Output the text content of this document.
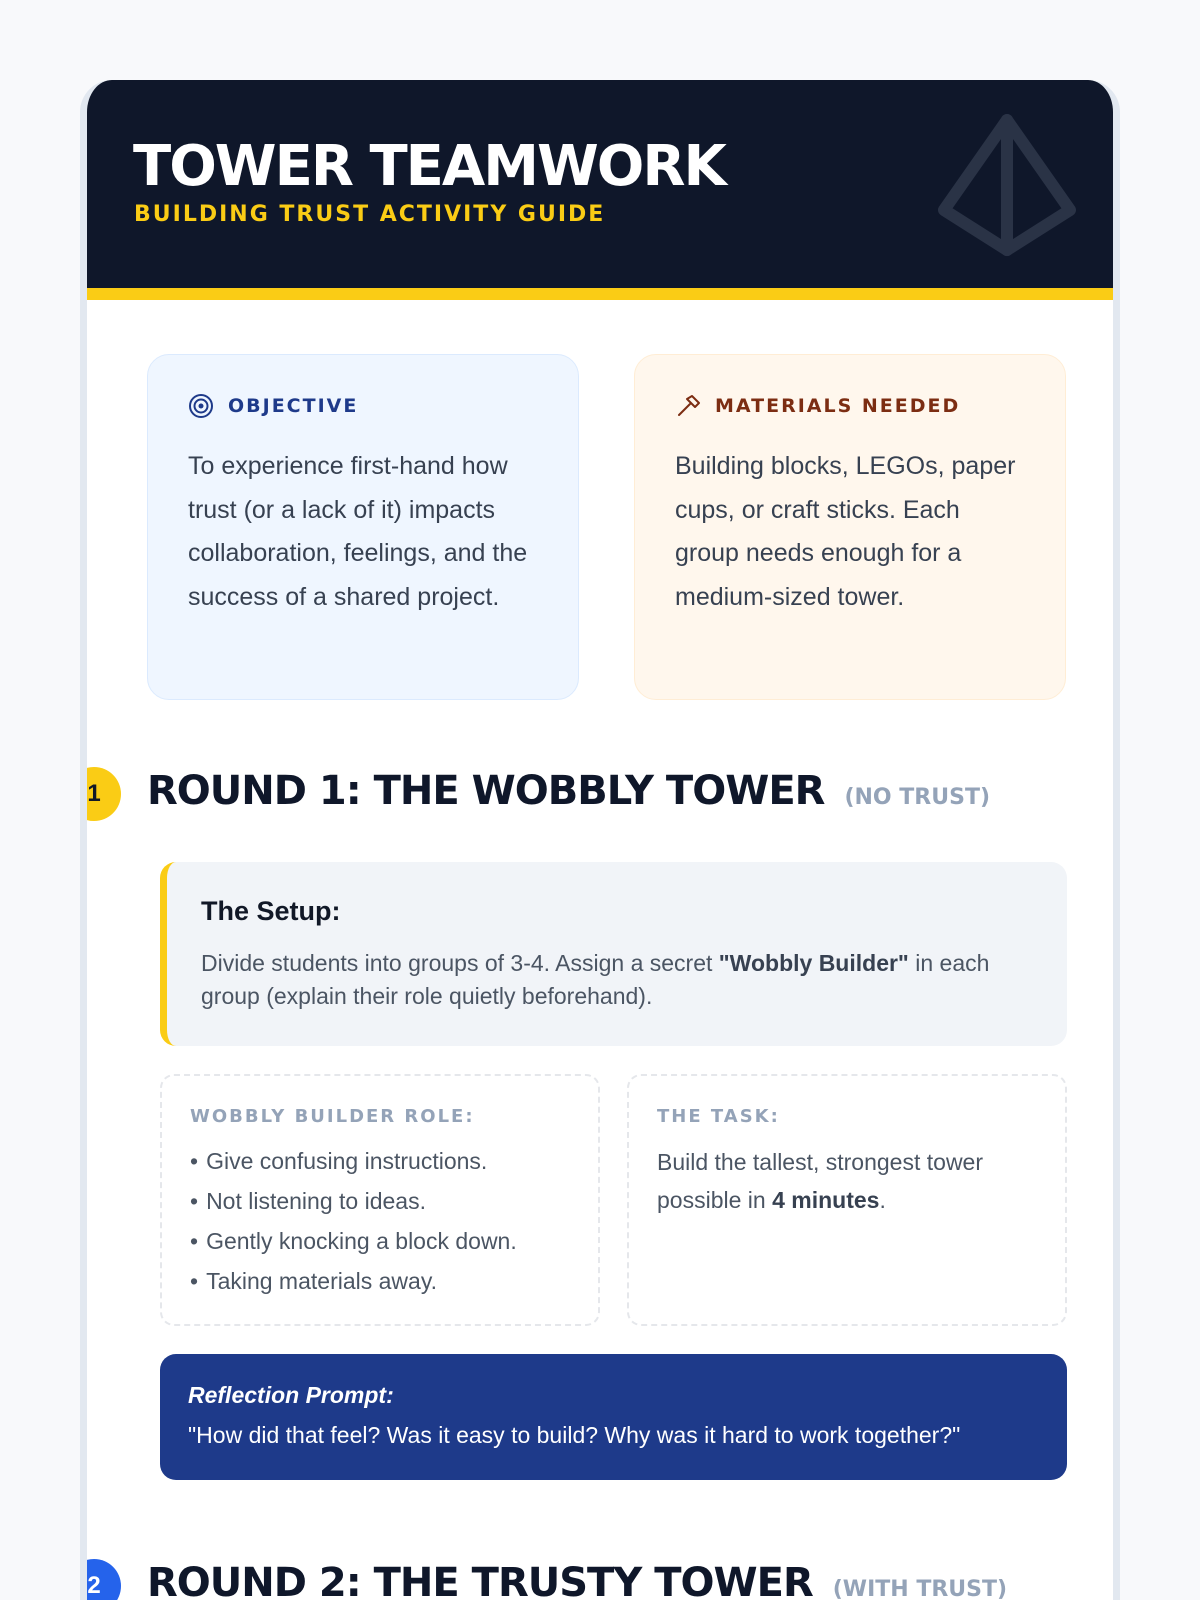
TOWER TEAMWORK
BUILDING TRUST ACTIVITY GUIDE
OBJECTIVE
To experience first-hand how trust (or a lack of it) impacts collaboration, feelings, and the success of a shared project.
MATERIALS NEEDED
Building blocks, LEGOs, paper cups, or craft sticks. Each group needs enough for a medium-sized tower.
1	ROUND 1: THE WOBBLY TOWER (NO TRUST)
The Setup:
Divide students into groups of 3-4. Assign a secret "Wobbly Builder" in each group (explain their role quietly beforehand).
WOBBLY BUILDER ROLE:
• Give confusing instructions.
• Not listening to ideas.
• Gently knocking a block down.
• Taking materials away.
THE TASK:
Build the tallest, strongest tower possible in 4 minutes.
Reflection Prompt:
"How did that feel? Was it easy to build? Why was it hard to work together?"
2	ROUND 2: THE TRUSTY TOWER (WITH TRUST)
